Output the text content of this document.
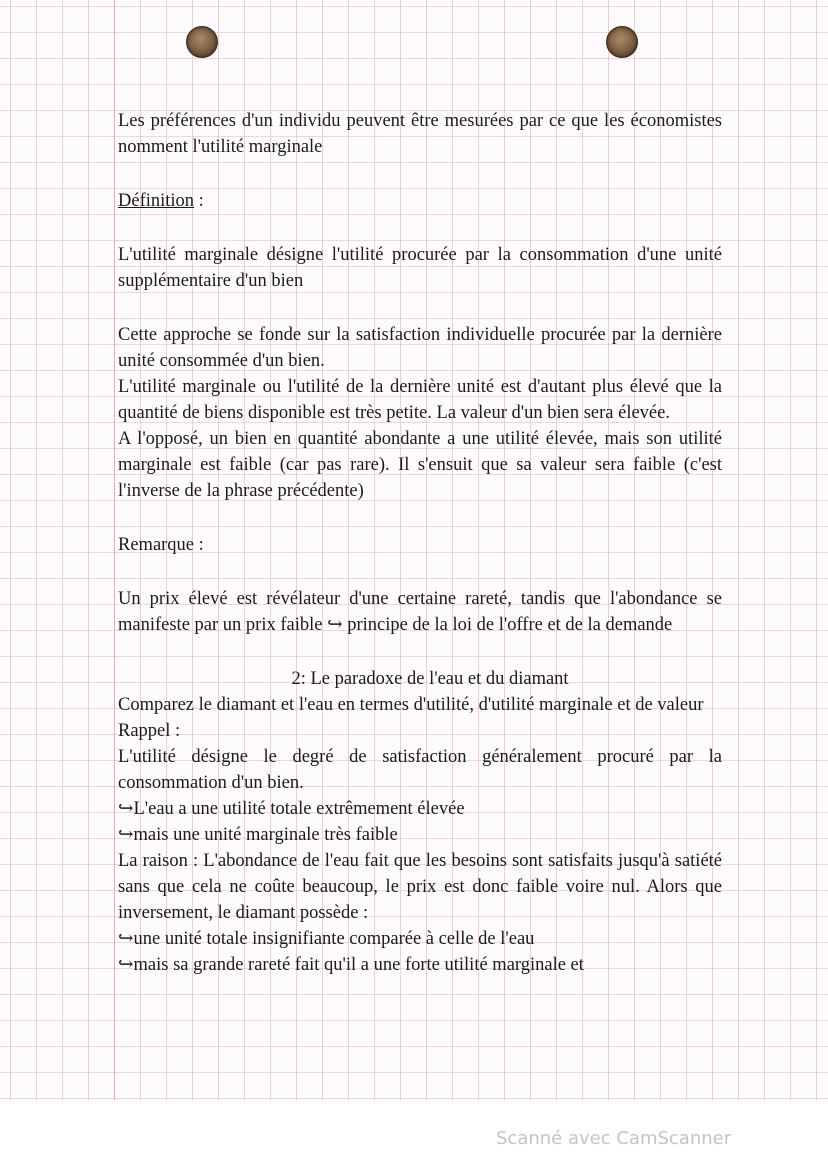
Les préférences d'un individu peuvent être mesurées par ce que les économistes nomment l'utilité marginale

Définition :

L'utilité marginale désigne l'utilité procurée par la consommation d'une unité supplémentaire d'un bien

Cette approche se fonde sur la satisfaction individuelle procurée par la dernière unité consommée d'un bien.

L'utilité marginale ou l'utilité de la dernière unité est d'autant plus élevé que la quantité de biens disponible est très petite. La valeur d'un bien sera élevée.

A l'opposé, un bien en quantité abondante a une utilité élevée, mais son utilité marginale est faible (car pas rare). Il s'ensuit que sa valeur sera faible (c'est l'inverse de la phrase précédente)

Remarque :

Un prix élevé est révélateur d'une certaine rareté, tandis que l'abondance se manifeste par un prix faible ↪ principe de la loi de l'offre et de la demande

2: Le paradoxe de l'eau et du diamant

Comparez le diamant et l'eau en termes d'utilité, d'utilité marginale et de valeur

Rappel :

L'utilité désigne le degré de satisfaction généralement procuré par la consommation d'un bien.

↪L'eau a une utilité totale extrêmement élevée

↪mais une unité marginale très faible

La raison : L'abondance de l'eau fait que les besoins sont satisfaits jusqu'à satiété sans que cela ne coûte beaucoup, le prix est donc faible voire nul. Alors que inversement, le diamant possède :

↪une unité totale insignifiante comparée à celle de l'eau

↪mais sa grande rareté fait qu'il a une forte utilité marginale et

Scanné avec CamScanner
